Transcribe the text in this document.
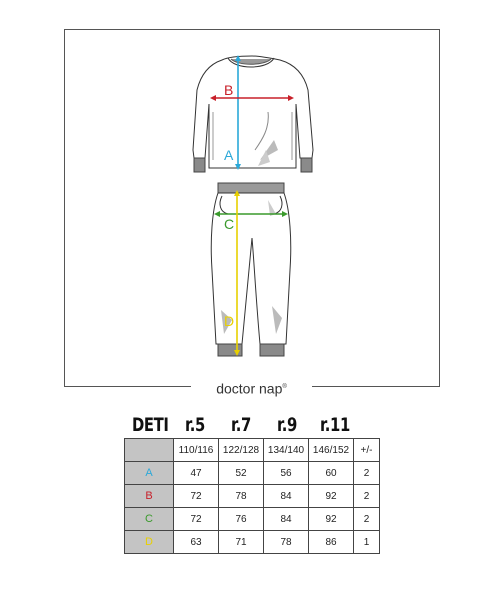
A
B
C
D
doctor nap®
DETI r.5 r.7 r.9 r.11
	110/116	122/128	134/140	146/152	+/-
A	47	52	56	60	2
B	72	78	84	92	2
C	72	76	84	92	2
D	63	71	78	86	1
